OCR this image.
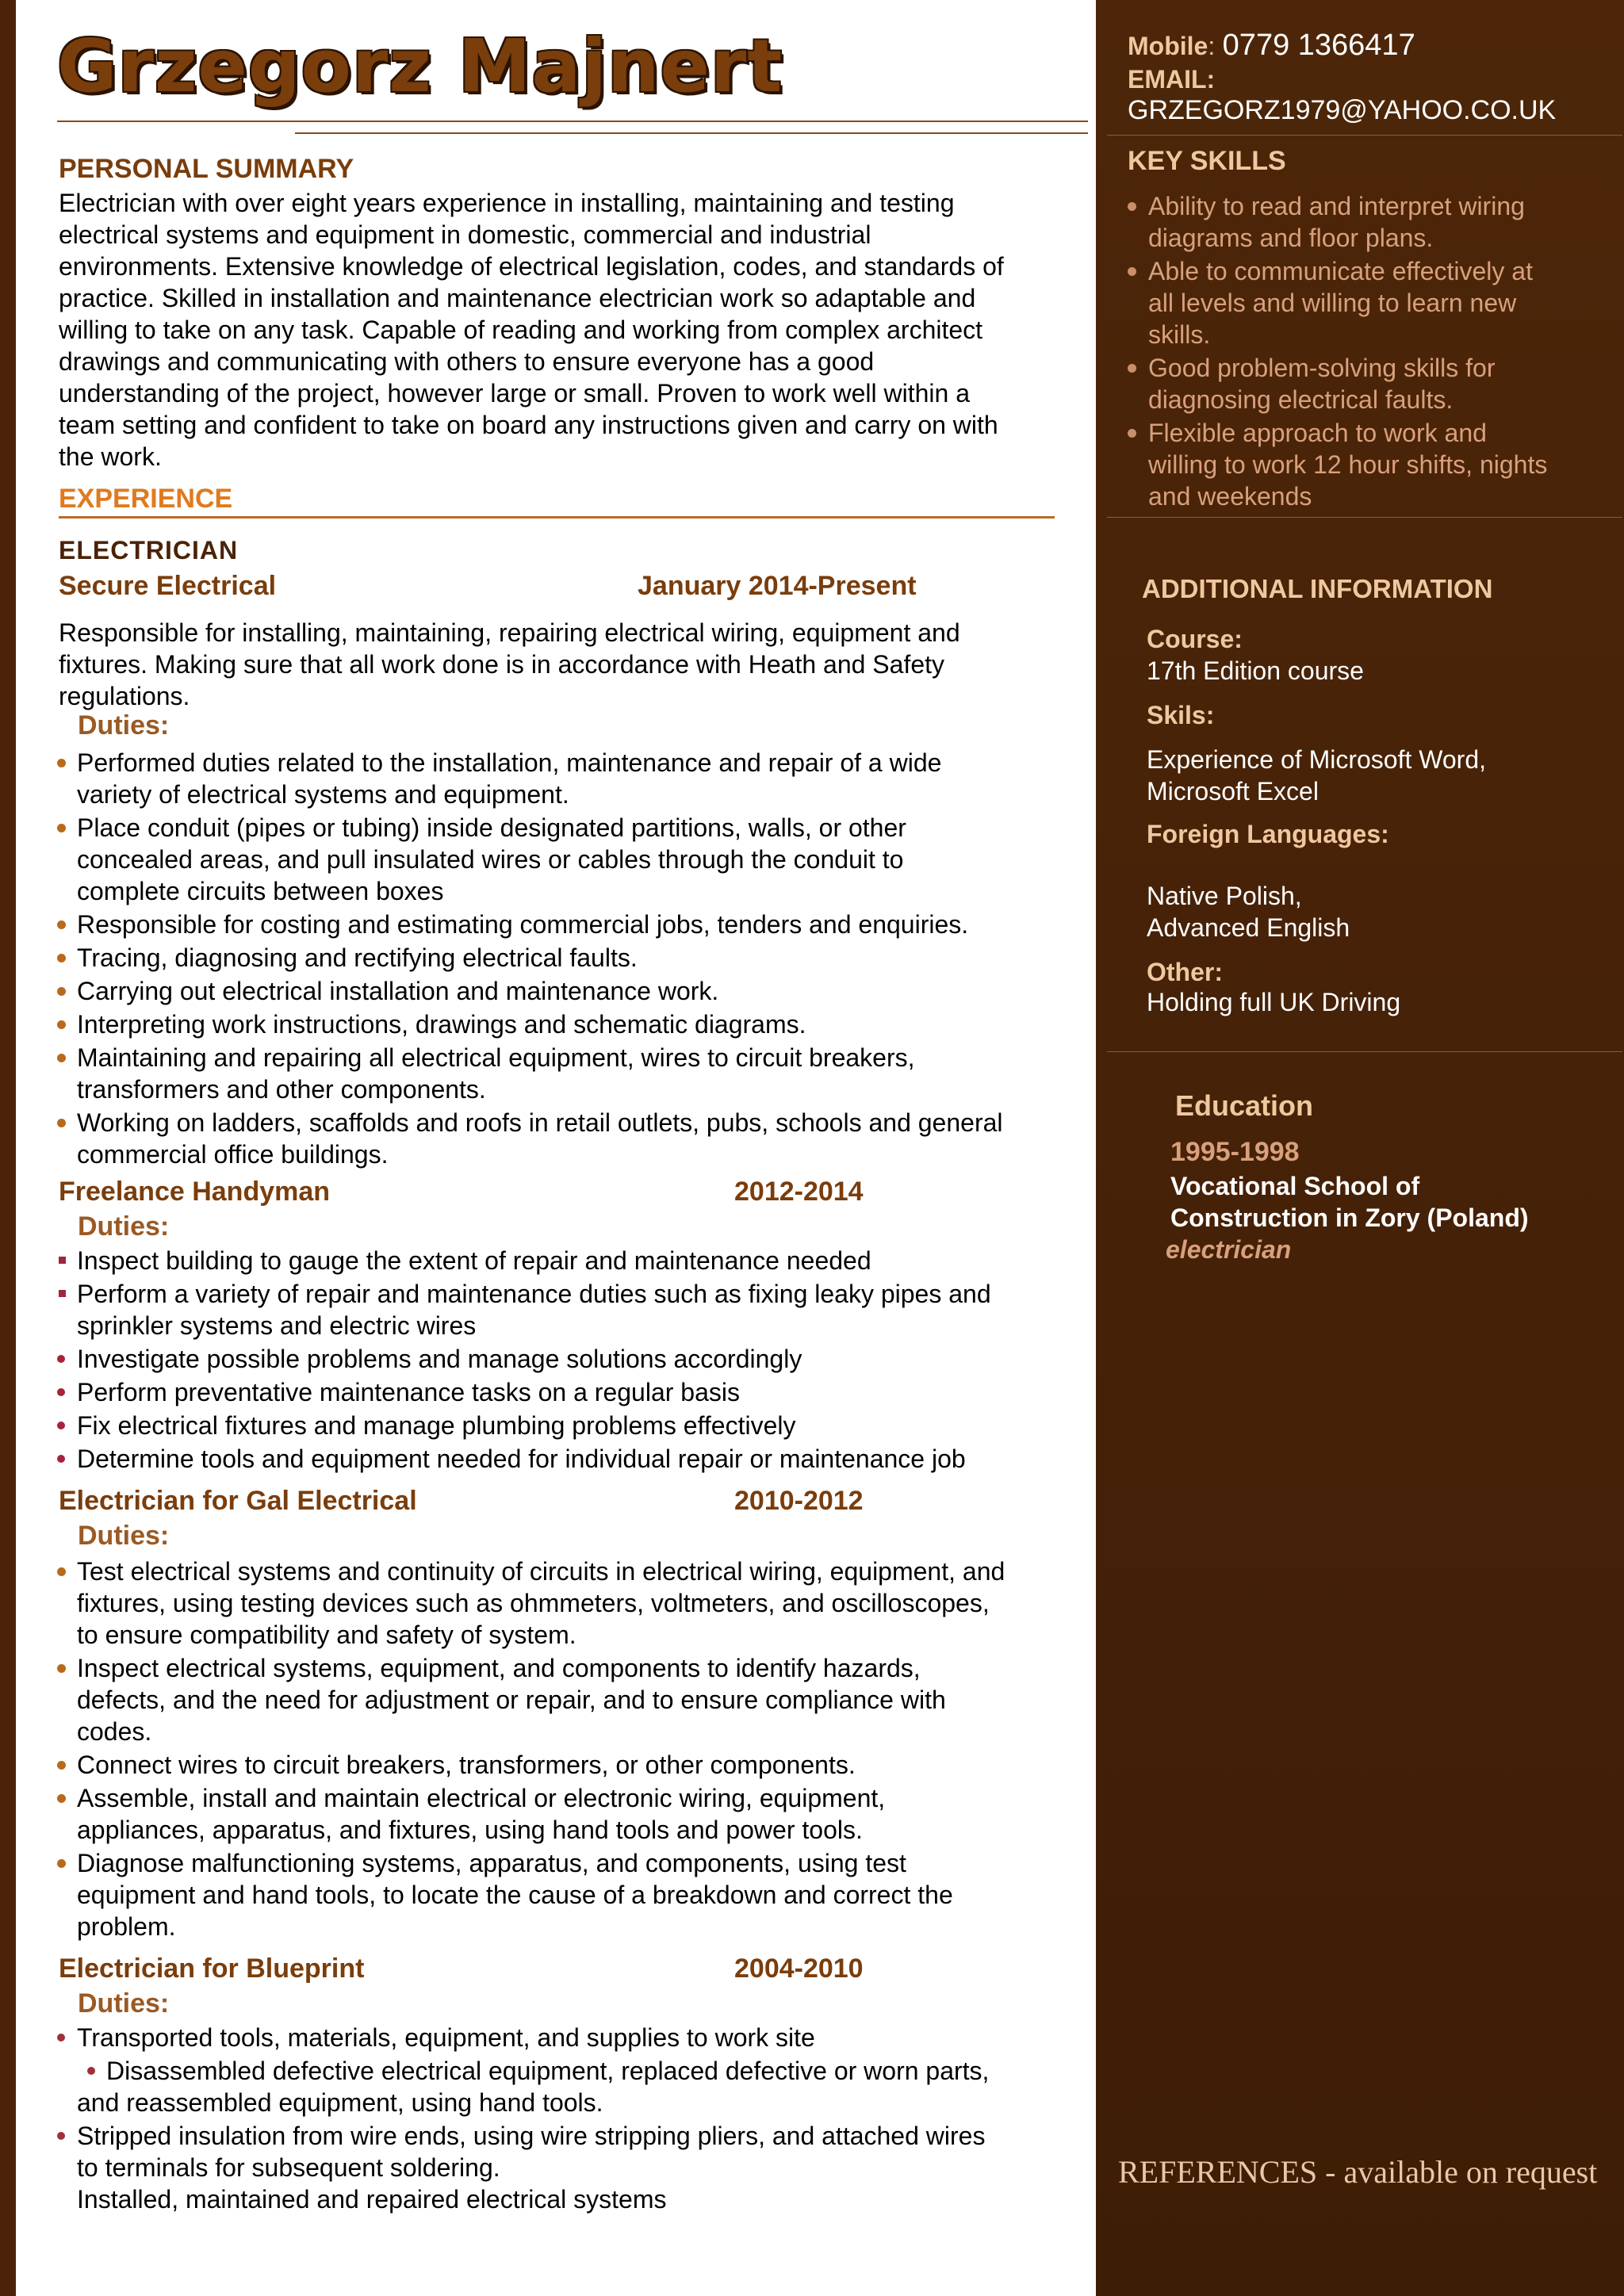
Grzegorz Majnert
PERSONAL SUMMARY
Electrician with over eight years experience in installing, maintaining and testing
electrical systems and equipment in domestic, commercial and industrial
environments. Extensive knowledge of electrical legislation, codes, and standards of
practice. Skilled in installation and maintenance electrician work so adaptable and
willing to take on any task. Capable of reading and working from complex architect
drawings and communicating with others to ensure everyone has a good
understanding of the project, however large or small. Proven to work well within a
team setting and confident to take on board any instructions given and carry on with
the work.
EXPERIENCE
ELECTRICIAN
Secure Electrical	January 2014-Present
Responsible for installing, maintaining, repairing electrical wiring, equipment and
fixtures. Making sure that all work done is in accordance with Heath and Safety
regulations.
Duties:
Performed duties related to the installation, maintenance and repair of a wide
variety of electrical systems and equipment.
Place conduit (pipes or tubing) inside designated partitions, walls, or other
concealed areas, and pull insulated wires or cables through the conduit to
complete circuits between boxes
Responsible for costing and estimating commercial jobs, tenders and enquiries.
Tracing, diagnosing and rectifying electrical faults.
Carrying out electrical installation and maintenance work.
Interpreting work instructions, drawings and schematic diagrams.
Maintaining and repairing all electrical equipment, wires to circuit breakers,
transformers and other components.
Working on ladders, scaffolds and roofs in retail outlets, pubs, schools and general
commercial office buildings.
Freelance Handyman	2012-2014
Duties:
Inspect building to gauge the extent of repair and maintenance needed
Perform a variety of repair and maintenance duties such as fixing leaky pipes and
sprinkler systems and electric wires
Investigate possible problems and manage solutions accordingly
Perform preventative maintenance tasks on a regular basis
Fix electrical fixtures and manage plumbing problems effectively
Determine tools and equipment needed for individual repair or maintenance job
Electrician for Gal Electrical	2010-2012
Duties:
Test electrical systems and continuity of circuits in electrical wiring, equipment, and
fixtures, using testing devices such as ohmmeters, voltmeters, and oscilloscopes,
to ensure compatibility and safety of system.
Inspect electrical systems, equipment, and components to identify hazards,
defects, and the need for adjustment or repair, and to ensure compliance with
codes.
Connect wires to circuit breakers, transformers, or other components.
Assemble, install and maintain electrical or electronic wiring, equipment,
appliances, apparatus, and fixtures, using hand tools and power tools.
Diagnose malfunctioning systems, apparatus, and components, using test
equipment and hand tools, to locate the cause of a breakdown and correct the
problem.
Electrician for Blueprint	2004-2010
Duties:
Transported tools, materials, equipment, and supplies to work site
Disassembled defective electrical equipment, replaced defective or worn parts,
and reassembled equipment, using hand tools.
Stripped insulation from wire ends, using wire stripping pliers, and attached wires
to terminals for subsequent soldering.
Installed, maintained and repaired electrical systems
Mobile: 0779 1366417
EMAIL:
GRZEGORZ1979@YAHOO.CO.UK
KEY SKILLS
Ability to read and interpret wiring
diagrams and floor plans.
Able to communicate effectively at
all levels and willing to learn new
skills.
Good problem-solving skills for
diagnosing electrical faults.
Flexible approach to work and
willing to work 12 hour shifts, nights
and weekends
ADDITIONAL INFORMATION
Course:
17th Edition course
Skils:
Experience of Microsoft Word,
Microsoft Excel
Foreign Languages:
Native Polish,
Advanced English
Other:
Holding full UK Driving
Education
1995-1998
Vocational School of
Construction in Zory (Poland)
electrician
REFERENCES - available on request
